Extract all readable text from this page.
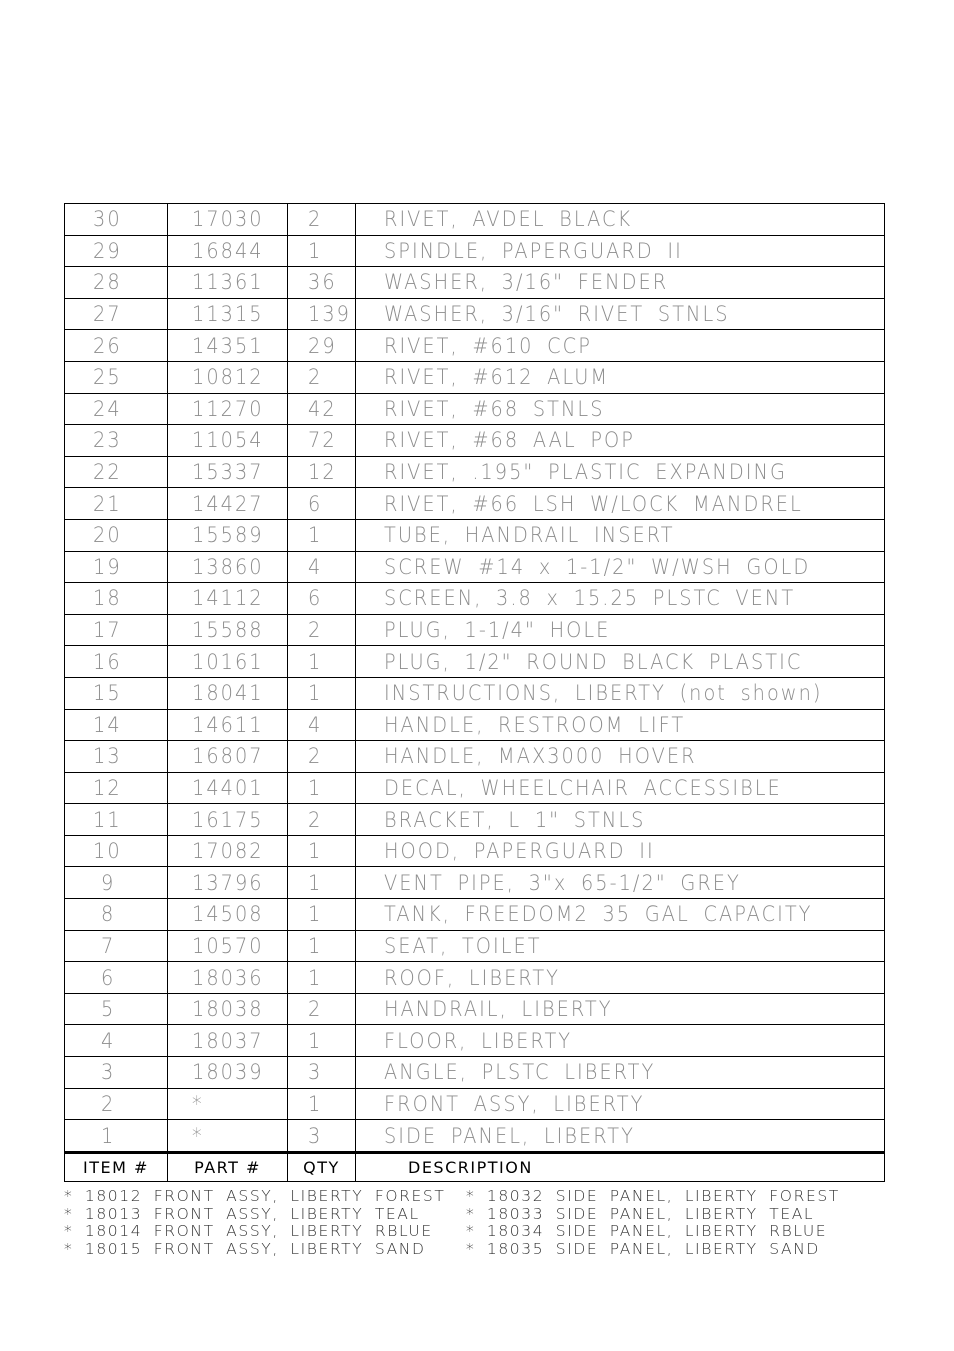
30	17030	2	RIVET, AVDEL BLACK
29	16844	1	SPINDLE, PAPERGUARD II
28	11361	36	WASHER, 3/16" FENDER
27	11315	139	WASHER, 3/16" RIVET STNLS
26	14351	29	RIVET, #610 CCP
25	10812	2	RIVET, #612 ALUM
24	11270	42	RIVET, #68 STNLS
23	11054	72	RIVET, #68 AAL POP
22	15337	12	RIVET, .195" PLASTIC EXPANDING
21	14427	6	RIVET, #66 LSH W/LOCK MANDREL
20	15589	1	TUBE, HANDRAIL INSERT
19	13860	4	SCREW #14 x 1-1/2" W/WSH GOLD
18	14112	6	SCREEN, 3.8 x 15.25 PLSTC VENT
17	15588	2	PLUG, 1-1/4" HOLE
16	10161	1	PLUG, 1/2" ROUND BLACK PLASTIC
15	18041	1	INSTRUCTIONS, LIBERTY (not shown)
14	14611	4	HANDLE, RESTROOM LIFT
13	16807	2	HANDLE, MAX3000 HOVER
12	14401	1	DECAL, WHEELCHAIR ACCESSIBLE
11	16175	2	BRACKET, L 1" STNLS
10	17082	1	HOOD, PAPERGUARD II
9	13796	1	VENT PIPE, 3"x 65-1/2" GREY
8	14508	1	TANK, FREEDOM2 35 GAL CAPACITY
7	10570	1	SEAT, TOILET
6	18036	1	ROOF, LIBERTY
5	18038	2	HANDRAIL, LIBERTY
4	18037	1	FLOOR, LIBERTY
3	18039	3	ANGLE, PLSTC LIBERTY
2	*	1	FRONT ASSY, LIBERTY
1	*	3	SIDE PANEL, LIBERTY
ITEM #	PART #	QTY	DESCRIPTION
* 18012 FRONT ASSY, LIBERTY FOREST
* 18013 FRONT ASSY, LIBERTY TEAL
* 18014 FRONT ASSY, LIBERTY RBLUE
* 18015 FRONT ASSY, LIBERTY SAND
* 18032 SIDE PANEL, LIBERTY FOREST
* 18033 SIDE PANEL, LIBERTY TEAL
* 18034 SIDE PANEL, LIBERTY RBLUE
* 18035 SIDE PANEL, LIBERTY SAND
